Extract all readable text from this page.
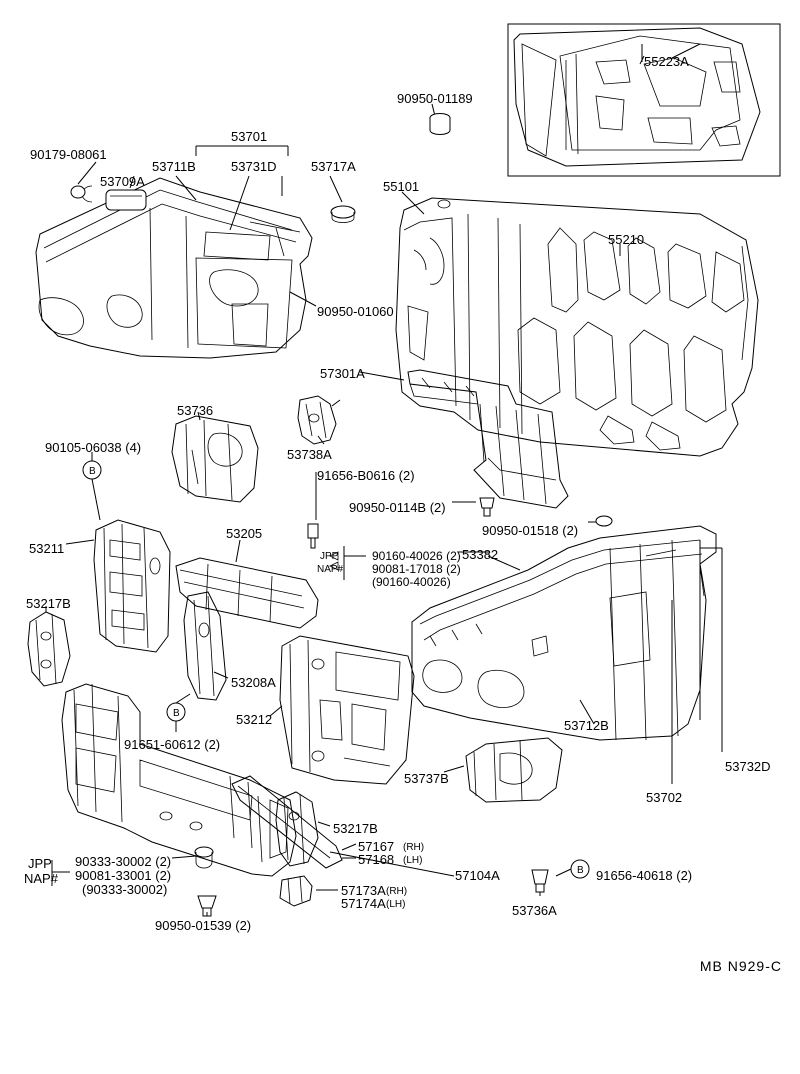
B
B
B
MB N929-C
55223A
90950-01189
90179-08061
53701
53711B	53731D	53717A
53709A	55101
55210
90950-01060
57301A
53736
53738A
90105-06038 (4)
91656-B0616 (2)
90950-0114B (2)
90950-01518 (2)
53205
53211	53382
JPP
NAP#
90160-40026 (2)
90081-17018 (2)
(90160-40026)
53217B
53208A
53212
91651-60612 (2)
53712B
53732D
53702
53737B
53217B
57167 (RH)
57168 (LH)
57104A	91656-40618 (2)
JPP
NAP#
90333-30002 (2)
90081-33001 (2)
(90333-30002)	57173A (RH)
57174A (LH)	53736A
90950-01539 (2)
